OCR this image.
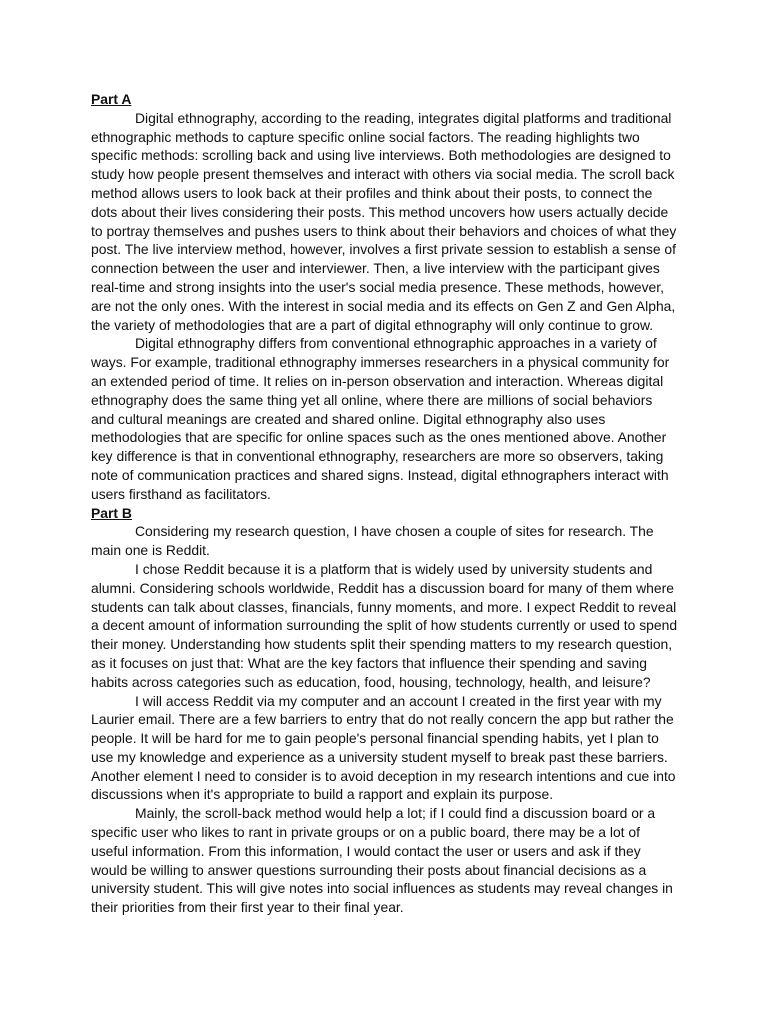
Part A

Digital ethnography, according to the reading, integrates digital platforms and traditional ethnographic methods to capture specific online social factors. The reading highlights two specific methods: scrolling back and using live interviews. Both methodologies are designed to study how people present themselves and interact with others via social media. The scroll back method allows users to look back at their profiles and think about their posts, to connect the dots about their lives considering their posts. This method uncovers how users actually decide to portray themselves and pushes users to think about their behaviors and choices of what they post. The live interview method, however, involves a first private session to establish a sense of connection between the user and interviewer. Then, a live interview with the participant gives real-time and strong insights into the user's social media presence. These methods, however, are not the only ones. With the interest in social media and its effects on Gen Z and Gen Alpha, the variety of methodologies that are a part of digital ethnography will only continue to grow.

Digital ethnography differs from conventional ethnographic approaches in a variety of ways. For example, traditional ethnography immerses researchers in a physical community for an extended period of time. It relies on in-person observation and interaction. Whereas digital ethnography does the same thing yet all online, where there are millions of social behaviors and cultural meanings are created and shared online. Digital ethnography also uses methodologies that are specific for online spaces such as the ones mentioned above. Another key difference is that in conventional ethnography, researchers are more so observers, taking note of communication practices and shared signs. Instead, digital ethnographers interact with users firsthand as facilitators.

Part B

Considering my research question, I have chosen a couple of sites for research. The main one is Reddit.

I chose Reddit because it is a platform that is widely used by university students and alumni. Considering schools worldwide, Reddit has a discussion board for many of them where students can talk about classes, financials, funny moments, and more. I expect Reddit to reveal a decent amount of information surrounding the split of how students currently or used to spend their money. Understanding how students split their spending matters to my research question, as it focuses on just that: What are the key factors that influence their spending and saving habits across categories such as education, food, housing, technology, health, and leisure?

I will access Reddit via my computer and an account I created in the first year with my Laurier email. There are a few barriers to entry that do not really concern the app but rather the people. It will be hard for me to gain people's personal financial spending habits, yet I plan to use my knowledge and experience as a university student myself to break past these barriers. Another element I need to consider is to avoid deception in my research intentions and cue into discussions when it's appropriate to build a rapport and explain its purpose.

Mainly, the scroll-back method would help a lot; if I could find a discussion board or a specific user who likes to rant in private groups or on a public board, there may be a lot of useful information. From this information, I would contact the user or users and ask if they would be willing to answer questions surrounding their posts about financial decisions as a university student. This will give notes into social influences as students may reveal changes in their priorities from their first year to their final year.
